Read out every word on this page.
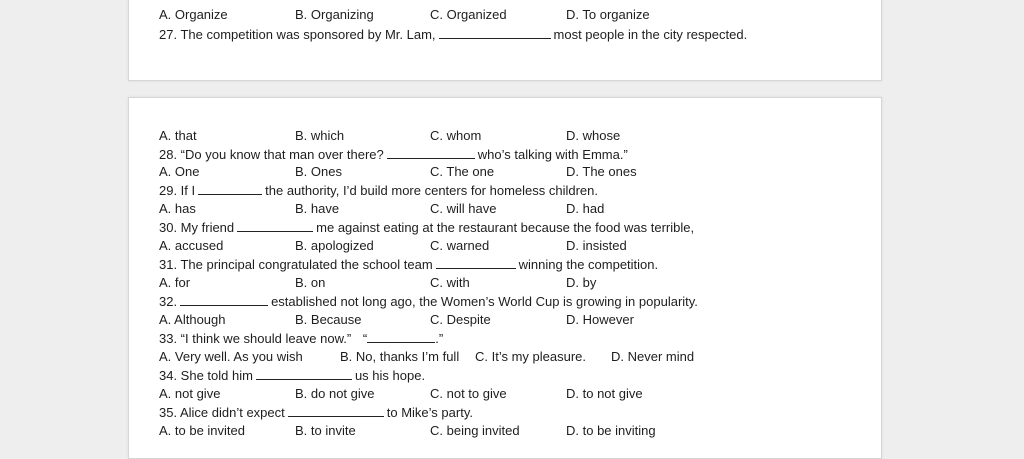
A. Organize	B. Organizing	C. Organized	D. To organize
27. The competition was sponsored by Mr. Lam,	most people in the city respected.
A. that	B. which	C. whom	D. whose
28. “Do you know that man over there?	who’s talking with Emma.”
A. One	B. Ones	C. The one	D. The ones
29. If I	the authority, I’d build more centers for homeless children.
A. has	B. have	C. will have	D. had
30. My friend	me against eating at the restaurant because the food was terrible,
A. accused	B. apologized	C. warned	D. insisted
31. The principal congratulated the school team	winning the competition.
A. for	B. on	C. with	D. by
32.	established not long ago, the Women’s World Cup is growing in popularity.
A. Although	B. Because	C. Despite	D. However
33. “I think we should leave now.” “	.”
A. Very well. As you wish	B. No, thanks I’m full C. It’s my pleasure. D. Never mind
34. She told him	us his hope.
A. not give	B. do not give	C. not to give	D. to not give
35. Alice didn’t expect	to Mike’s party.
A. to be invited	B. to invite	C. being invited	D. to be inviting
